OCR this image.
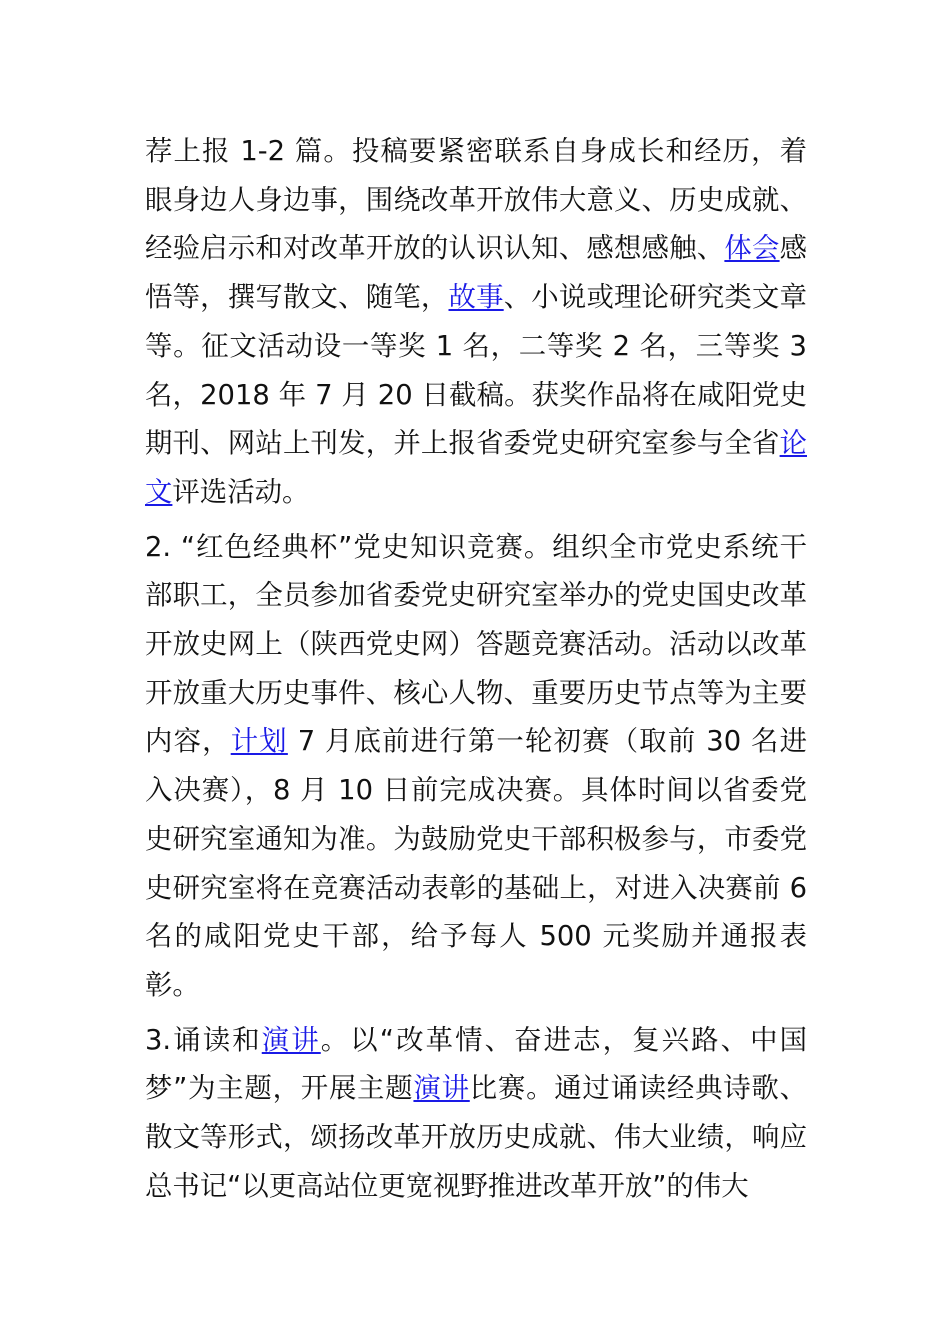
荐上报 1-2 篇。投稿要紧密联系自身成长和经历，着眼身边人身边事，围绕改革开放伟大意义、历史成就、经验启示和对改革开放的认识认知、感想感触、体会感悟等，撰写散文、随笔，故事、小说或理论研究类文章等。征文活动设一等奖 1 名，二等奖 2 名，三等奖 3 名，2018 年 7 月 20 日截稿。获奖作品将在咸阳党史期刊、网站上刊发，并上报省委党史研究室参与全省论文评选活动。

2. “红色经典杯”党史知识竞赛。组织全市党史系统干部职工，全员参加省委党史研究室举办的党史国史改革开放史网上（陕西党史网）答题竞赛活动。活动以改革开放重大历史事件、核心人物、重要历史节点等为主要内容，计划 7 月底前进行第一轮初赛（取前 30 名进入决赛），8 月 10 日前完成决赛。具体时间以省委党史研究室通知为准。为鼓励党史干部积极参与，市委党史研究室将在竞赛活动表彰的基础上，对进入决赛前 6 名的咸阳党史干部，给予每人 500 元奖励并通报表彰。

3.诵读和演讲。以“改革情、奋进志，复兴路、中国梦”为主题，开展主题演讲比赛。通过诵读经典诗歌、散文等形式，颂扬改革开放历史成就、伟大业绩，响应总书记“以更高站位更宽视野推进改革开放”的伟大
